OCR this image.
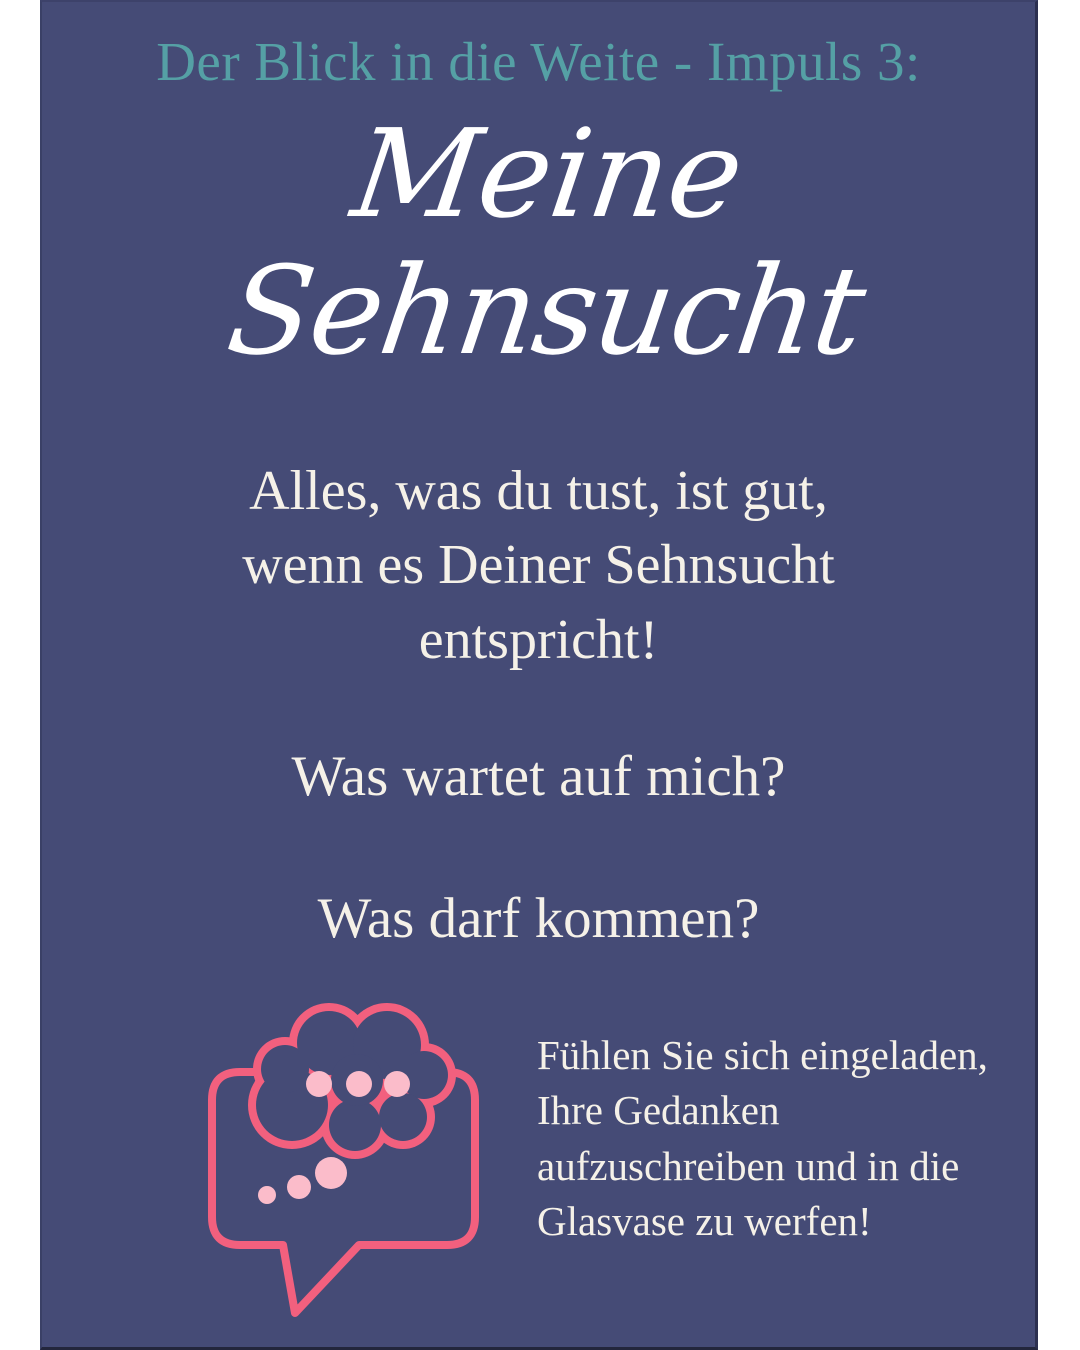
Der Blick in die Weite - Impuls 3:
Meine
Sehnsucht
Alles, was du tust, ist gut,
wenn es Deiner Sehnsucht
entspricht!
Was wartet auf mich?
Was darf kommen?
Fühlen Sie sich eingeladen,
Ihre Gedanken
aufzuschreiben und in die
Glasvase zu werfen!
